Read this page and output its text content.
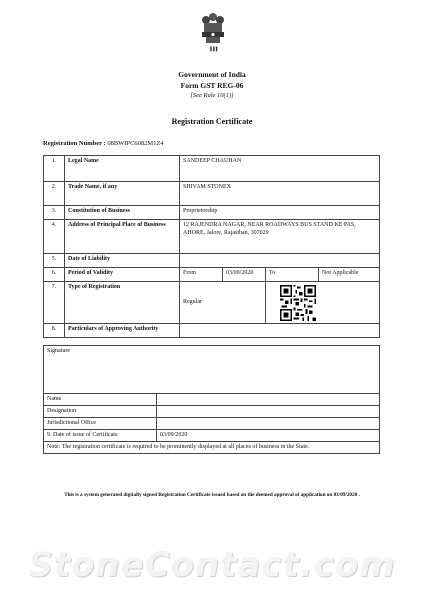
▐▐▐
Government of India
Form GST REG-06
[See Rule 10(1)]
Registration Certificate
Registration Number : 08BWIPC6082M1Z4
1.	Legal Name	SANDEEP CHAUHAN			
2.	Trade Name, if any	SHIVAM STONEX			
3.	Constitution of Business	Proprietorship			
4.	Address of Principal Place of Business	12 RAJENDRA NAGAR, NEAR ROADWAYS BUS STAND KE PAS, AHORE, Jalore, Rajasthan, 307029			
5.	Date of Liability				
6.	Period of Validity	From	03/09/2020	To	Not Applicable
7.	Type of Registration	Regular	

8.	Particulars of Approving Authority				
Signature	
Name	
Designation	
Jurisdictional Office	
9. Date of issue of Certificate	03/09/2020
Note: The registration certificate is required to be prominently displayed at all places of business in the State.	
This is a system generated digitally signed Registration Certificate issued based on the deemed approval of application on 03/09/2020 .
StoneContact.com
